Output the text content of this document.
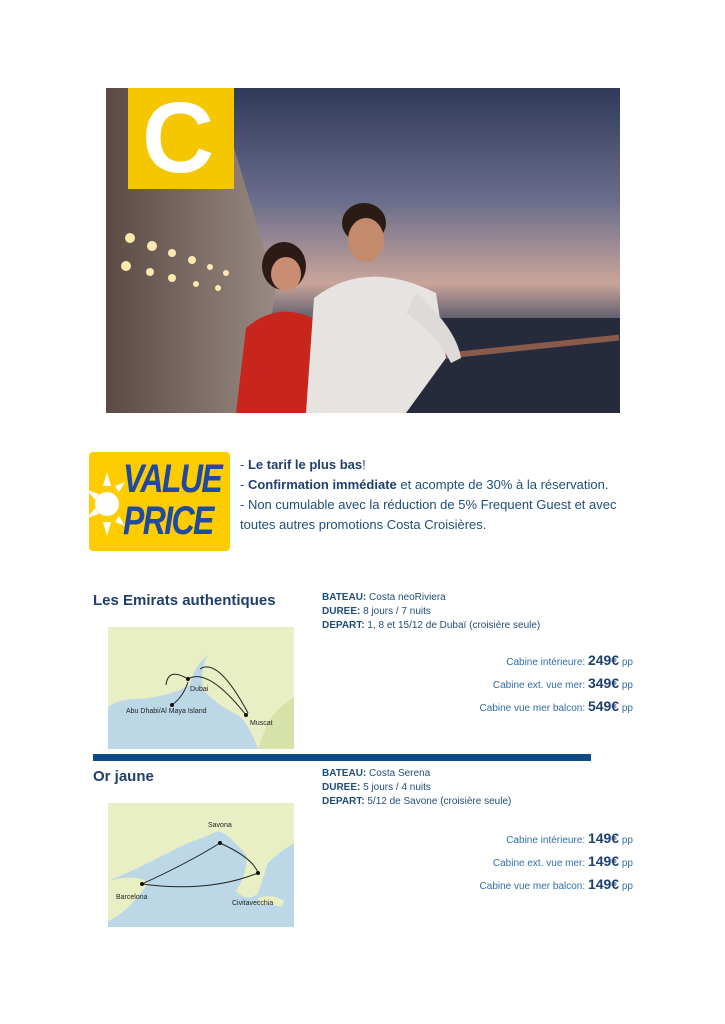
C
VALUE
PRICE
- Le tarif le plus bas!
- Confirmation immédiate et acompte de 30% à la réservation.
- Non cumulable avec la réduction de 5% Frequent Guest et avec toutes autres promotions Costa Croisières.
Les Emirats authentiques	BATEAU: Costa neoRiviera
DUREE: 8 jours / 7 nuits
DEPART: 1, 8 et 15/12 de Dubaï (croisière seule)
Dubai
Abu Dhabi/Al Maya Island
Muscat
Cabine intérieure: 249€ pp
Cabine ext. vue mer: 349€ pp
Cabine vue mer balcon: 549€ pp
Or jaune	BATEAU: Costa Serena
DUREE: 5 jours / 4 nuits
DEPART: 5/12 de Savone (croisière seule)
Savona
Barcelona
Civitavecchia
Cabine intérieure: 149€ pp
Cabine ext. vue mer: 149€ pp
Cabine vue mer balcon: 149€ pp
